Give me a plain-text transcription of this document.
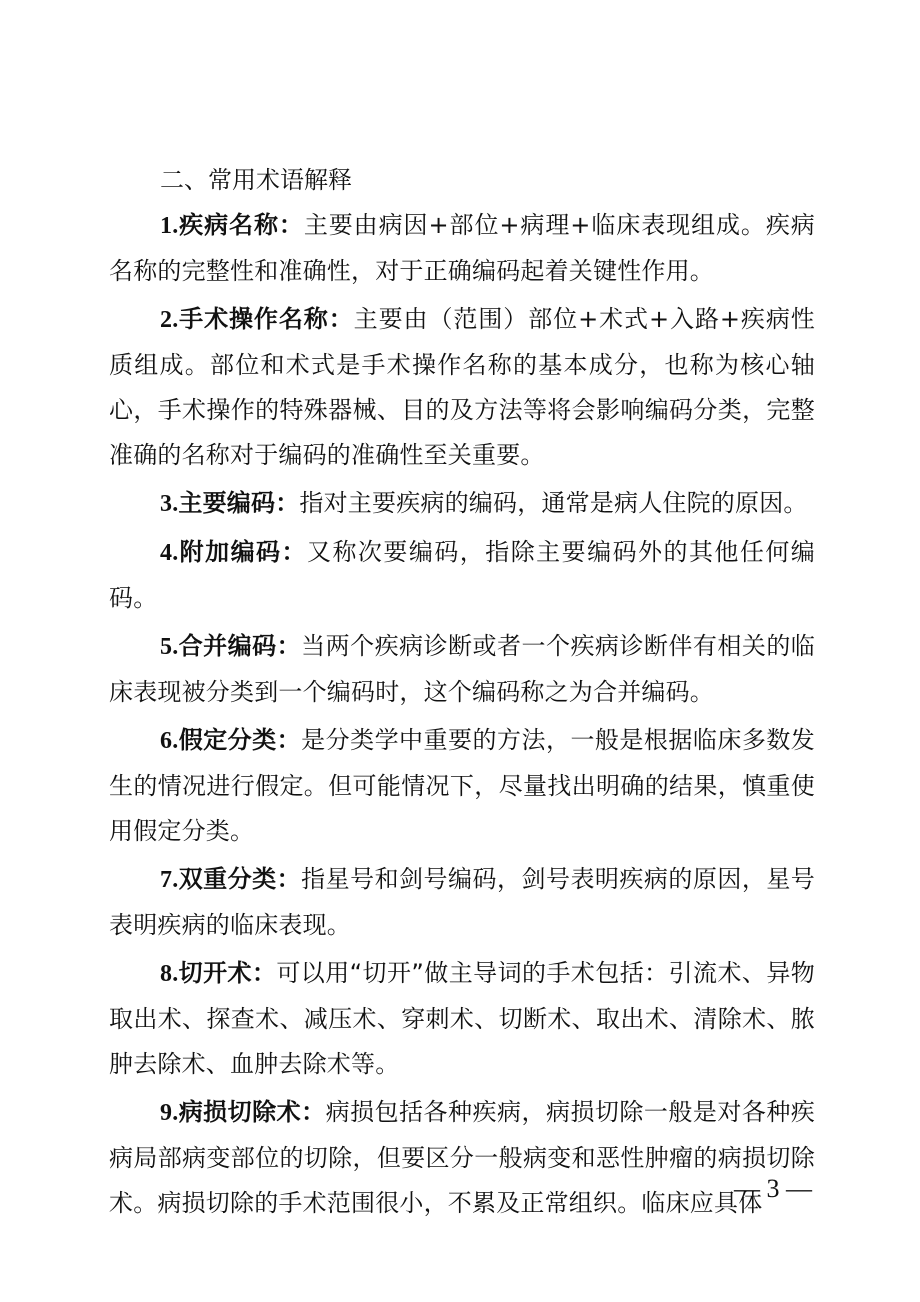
二、常用术语解释

1.疾病名称：主要由病因+部位+病理+临床表现组成。疾病名称的完整性和准确性，对于正确编码起着关键性作用。

2.手术操作名称：主要由（范围）部位+术式+入路+疾病性质组成。部位和术式是手术操作名称的基本成分，也称为核心轴心，手术操作的特殊器械、目的及方法等将会影响编码分类，完整准确的名称对于编码的准确性至关重要。

3.主要编码：指对主要疾病的编码，通常是病人住院的原因。

4.附加编码：又称次要编码，指除主要编码外的其他任何编码。

5.合并编码：当两个疾病诊断或者一个疾病诊断伴有相关的临床表现被分类到一个编码时，这个编码称之为合并编码。

6.假定分类：是分类学中重要的方法，一般是根据临床多数发生的情况进行假定。但可能情况下，尽量找出明确的结果，慎重使用假定分类。

7.双重分类：指星号和剑号编码，剑号表明疾病的原因，星号表明疾病的临床表现。

8.切开术：可以用“切开”做主导词的手术包括：引流术、异物取出术、探查术、减压术、穿刺术、切断术、取出术、清除术、脓肿去除术、血肿去除术等。

9.病损切除术：病损包括各种疾病，病损切除一般是对各种疾病局部病变部位的切除，但要区分一般病变和恶性肿瘤的病损切除术。病损切除的手术范围很小，不累及正常组织。临床应具体

— 3 —
